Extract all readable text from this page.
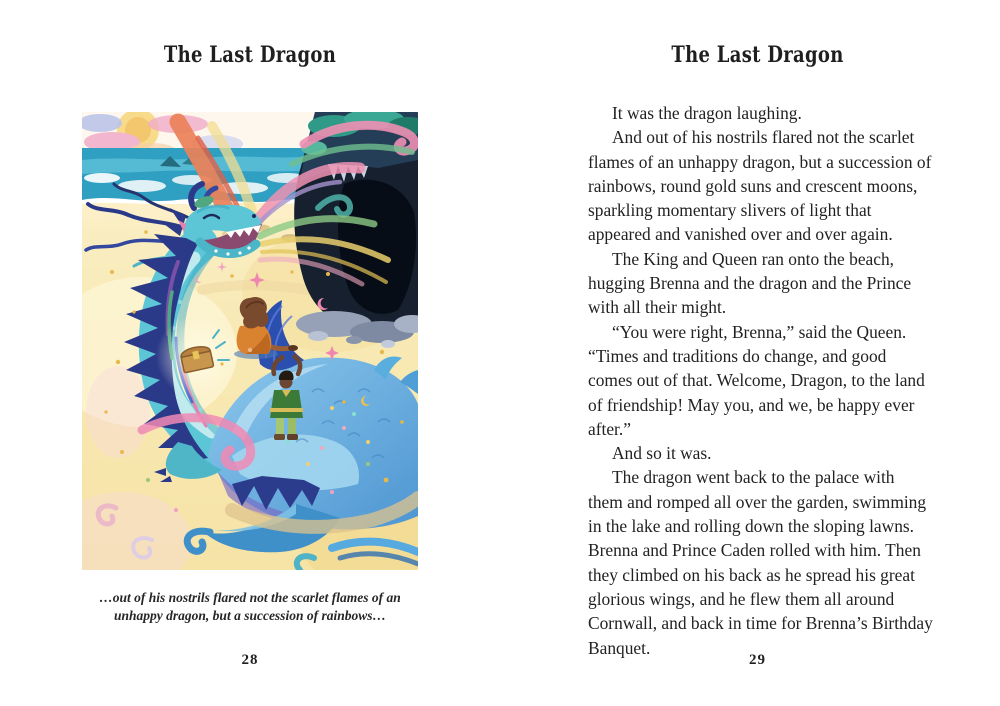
The Last Dragon
…out of his nostrils flared not the scarlet flames of an
unhappy dragon, but a succession of rainbows…
28
The Last Dragon

It was the dragon laughing.

And out of his nostrils flared not the scarlet flames of an unhappy dragon, but a succession of rainbows, round gold suns and crescent moons, sparkling momentary slivers of light that appeared and vanished over and over again.

The King and Queen ran onto the beach, hugging Brenna and the dragon and the Prince with all their might.

“You were right, Brenna,” said the Queen. “Times and traditions do change, and good comes out of that. Welcome, Dragon, to the land of friendship! May you, and we, be happy ever after.”

And so it was.

The dragon went back to the palace with them and romped all over the garden, swimming in the lake and rolling down the sloping lawns. Brenna and Prince Caden rolled with him. Then they climbed on his back as he spread his great glorious wings, and he flew them all around Cornwall, and back in time for Brenna’s Birthday Banquet.

29
